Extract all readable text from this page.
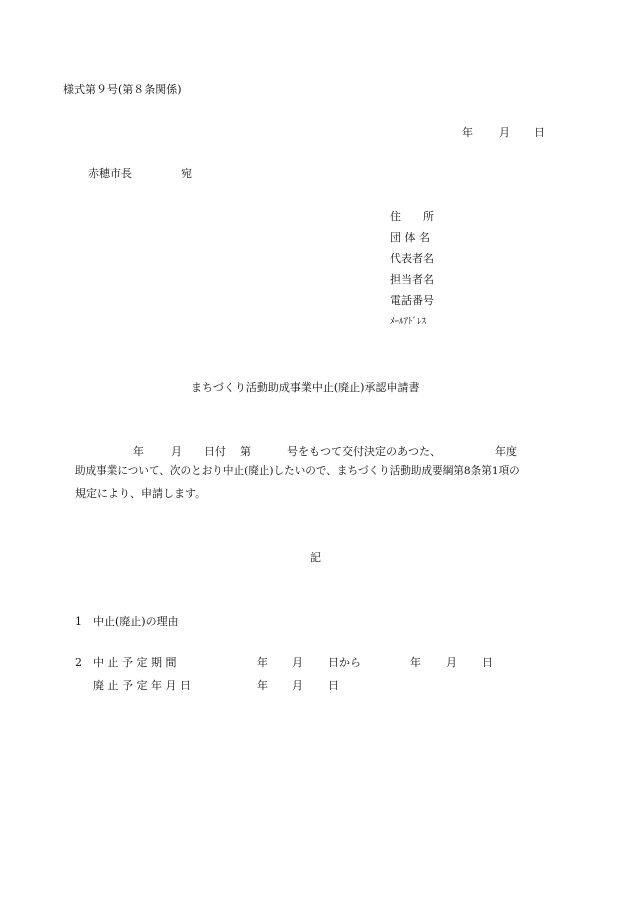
様式第９号(第８条関係)
年 月 日
赤穂市長	宛
住　　所
団 体 名
代表者名
担当者名
電話番号
ﾒｰﾙｱﾄﾞﾚｽ
まちづくり活動助成事業中止(廃止)承認申請書
年 月 日付 第	号をもつて交付決定のあつた、	年度
助成事業について、次のとおり中止(廃止)したいので、まちづくり活動助成要綱第8条第1項の
規定により、申請します。
記
1 中止(廃止)の理由
2 中 止 予 定 期 間	年 月 日から	年 月 日
廃 止 予 定 年 月 日	年 月 日
